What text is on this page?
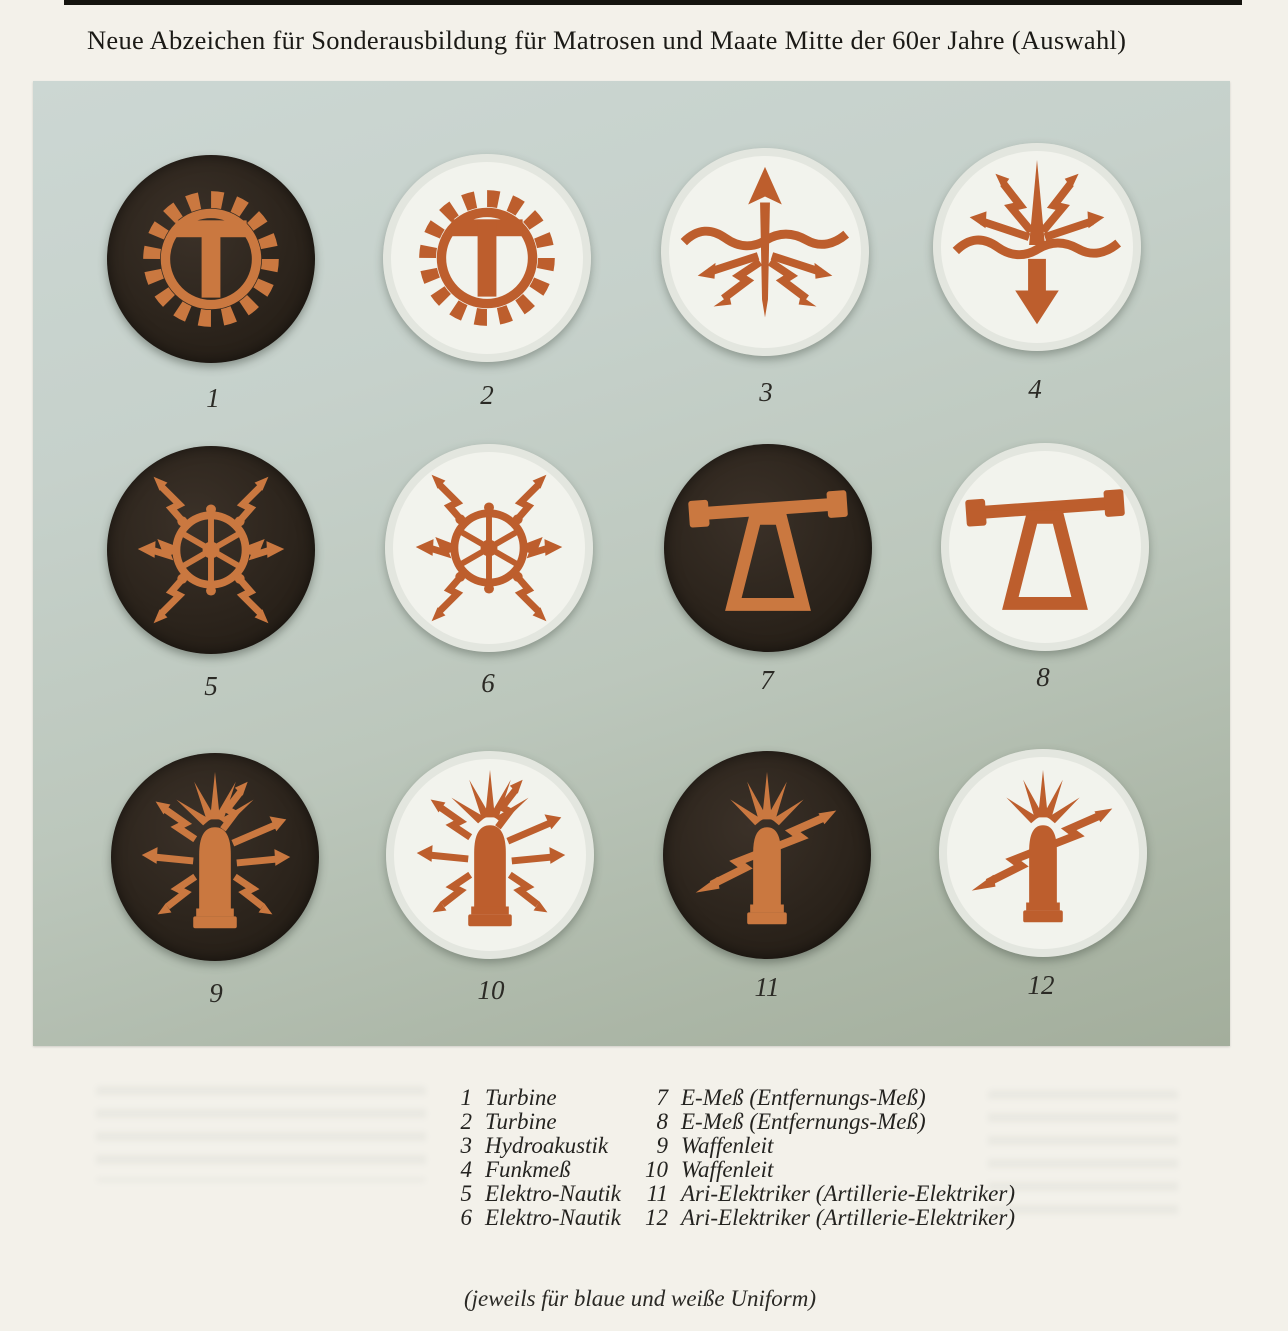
Neue Abzeichen für Sonderausbildung für Matrosen und Maate Mitte der 60er Jahre (Auswahl)
1	2	3	4
5	6	7	8
9	10	11	12
1 Turbine
2 Turbine
3 Hydroakustik
4 Funkmeß
5 Elektro-Nautik
6 Elektro-Nautik
7 E-Meß (Entfernungs-Meß)
8 E-Meß (Entfernungs-Meß)
9 Waffenleit
10 Waffenleit
11 Ari-Elektriker (Artillerie-Elektriker)
12 Ari-Elektriker (Artillerie-Elektriker)
(jeweils für blaue und weiße Uniform)
